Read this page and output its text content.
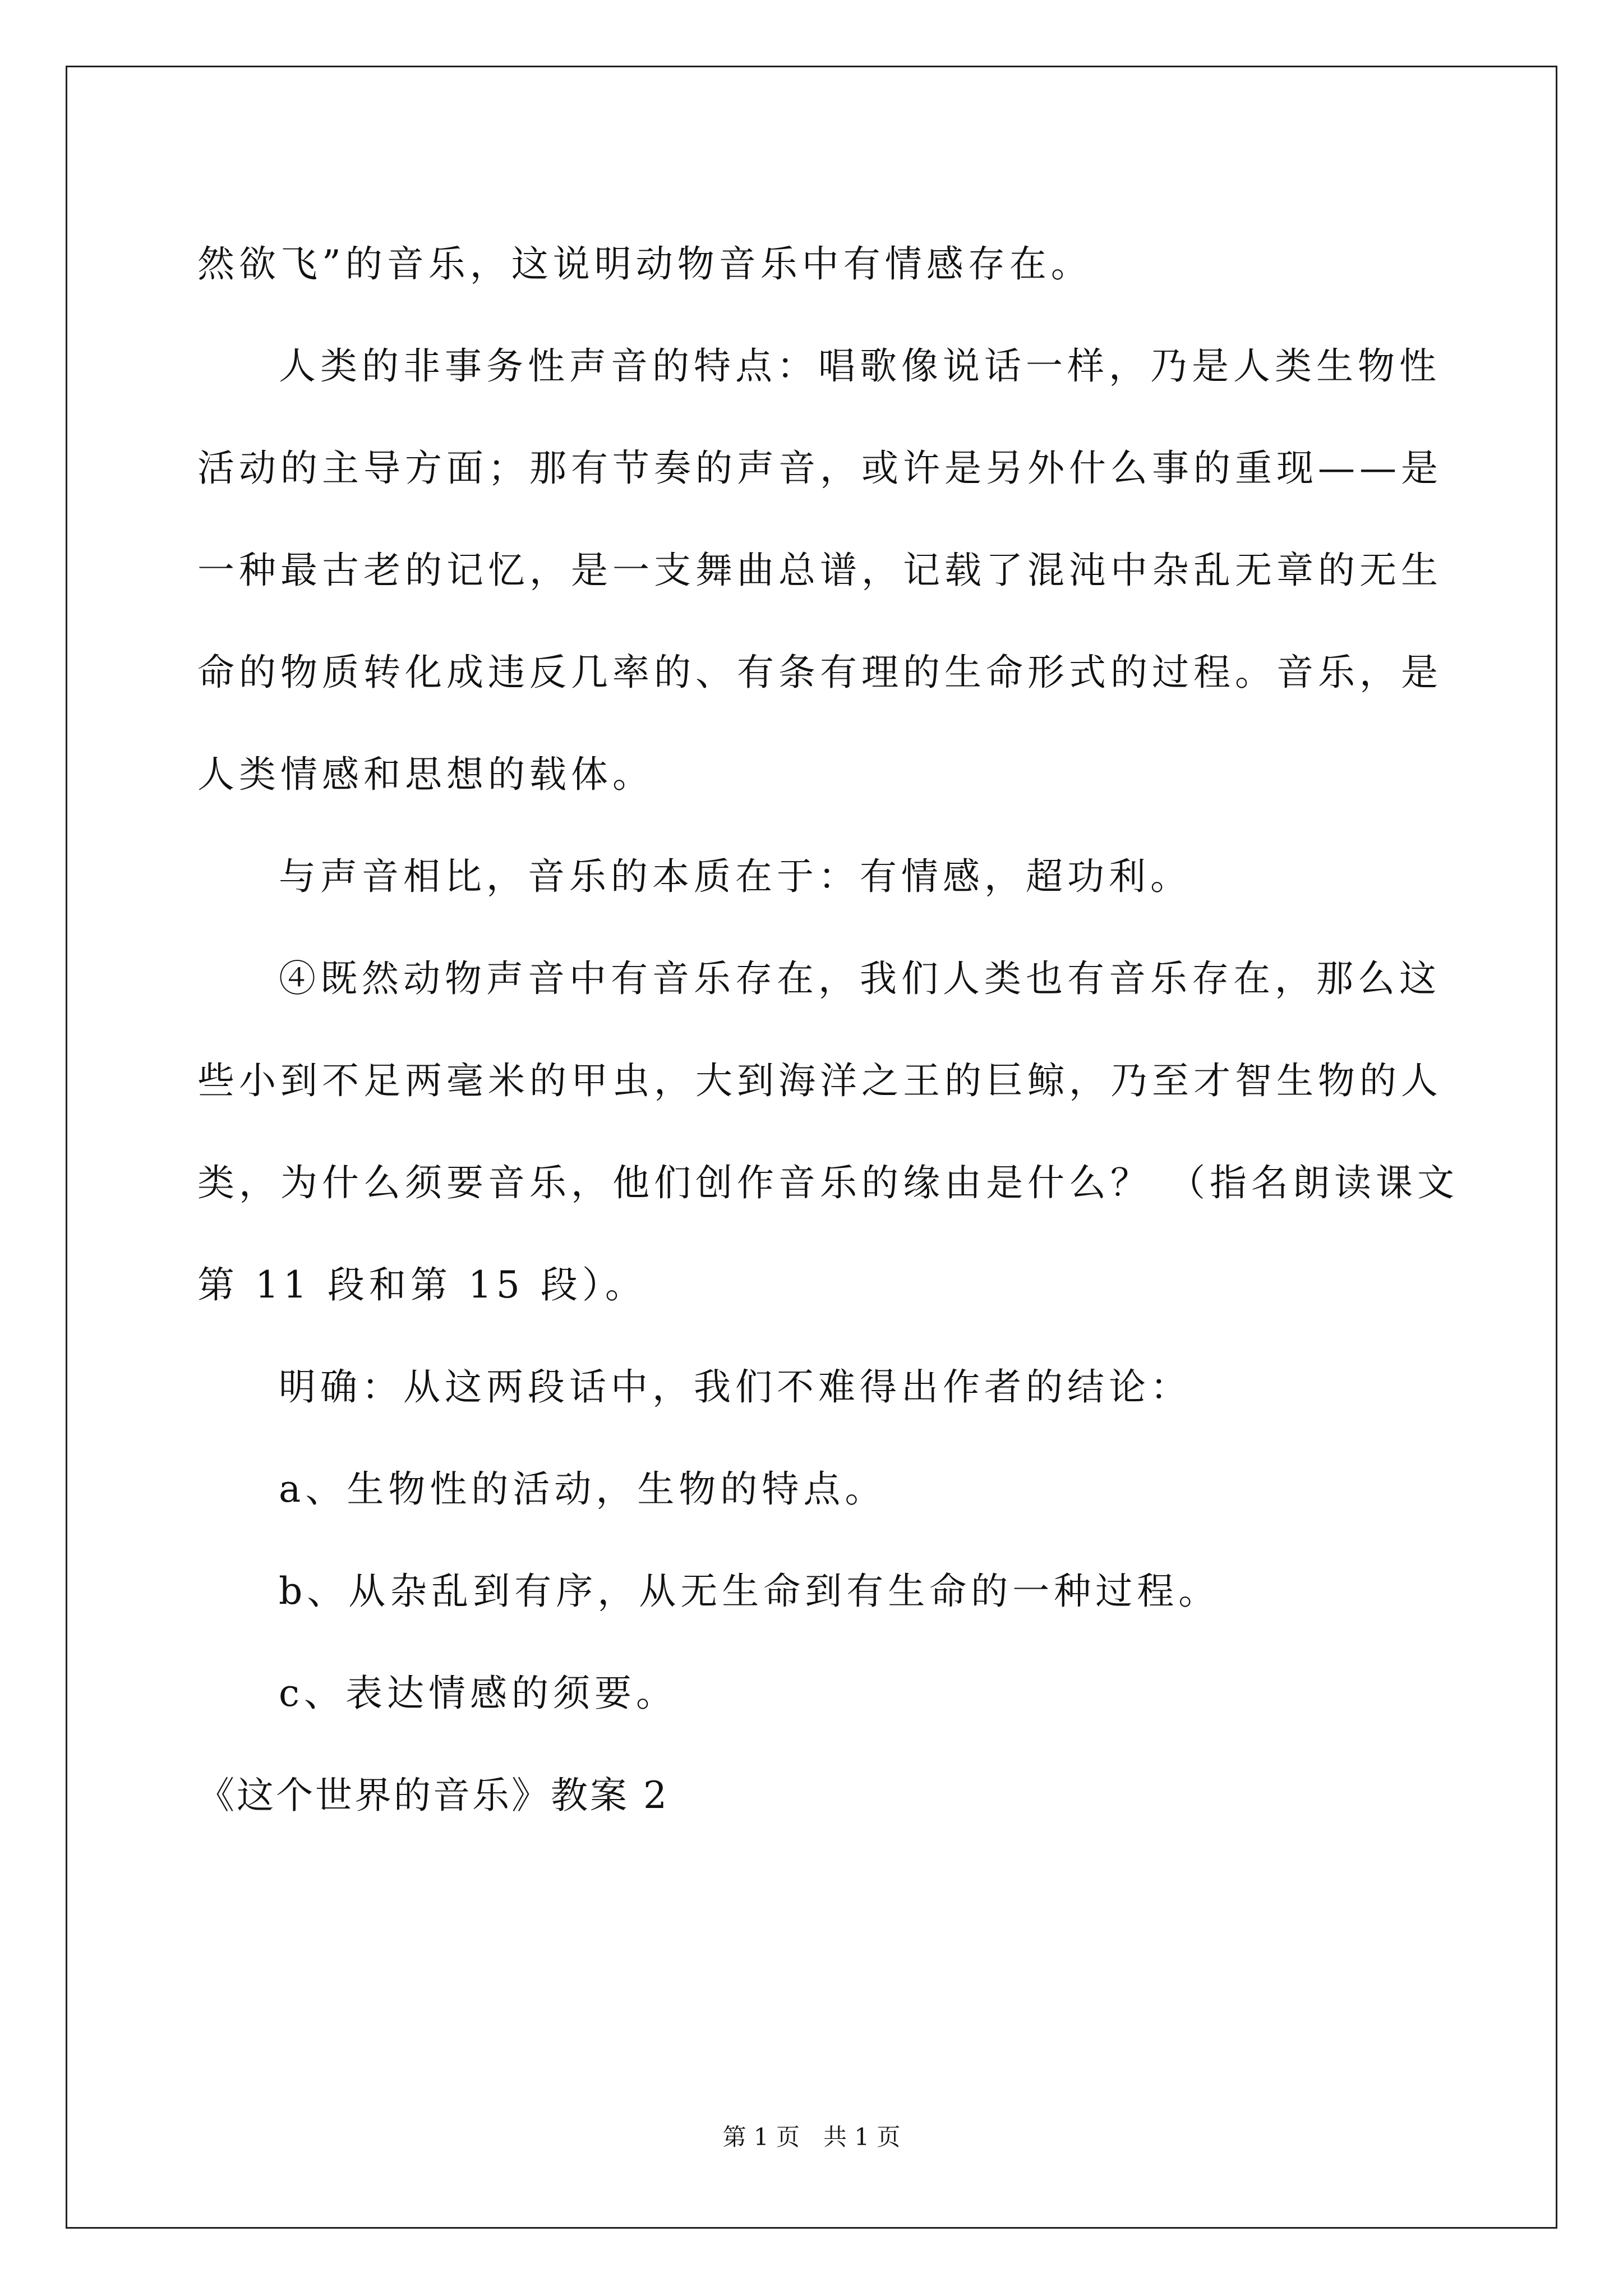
然欲飞”的音乐，这说明动物音乐中有情感存在。
人类的非事务性声音的特点：唱歌像说话一样，乃是人类生物性
活动的主导方面；那有节奏的声音，或许是另外什么事的重现——是
一种最古老的记忆，是一支舞曲总谱，记载了混沌中杂乱无章的无生
命的物质转化成违反几率的、有条有理的生命形式的过程。音乐，是
人类情感和思想的载体。
与声音相比，音乐的本质在于：有情感，超功利。
④既然动物声音中有音乐存在，我们人类也有音乐存在，那么这
些小到不足两毫米的甲虫，大到海洋之王的巨鲸，乃至才智生物的人
类，为什么须要音乐，他们创作音乐的缘由是什么？ （指名朗读课文
第 11 段和第 15 段）。
明确：从这两段话中，我们不难得出作者的结论：
a、生物性的活动，生物的特点。
b、从杂乱到有序，从无生命到有生命的一种过程。
c、表达情感的须要。
《这个世界的音乐》教案 2
第 1 页　共 1 页
